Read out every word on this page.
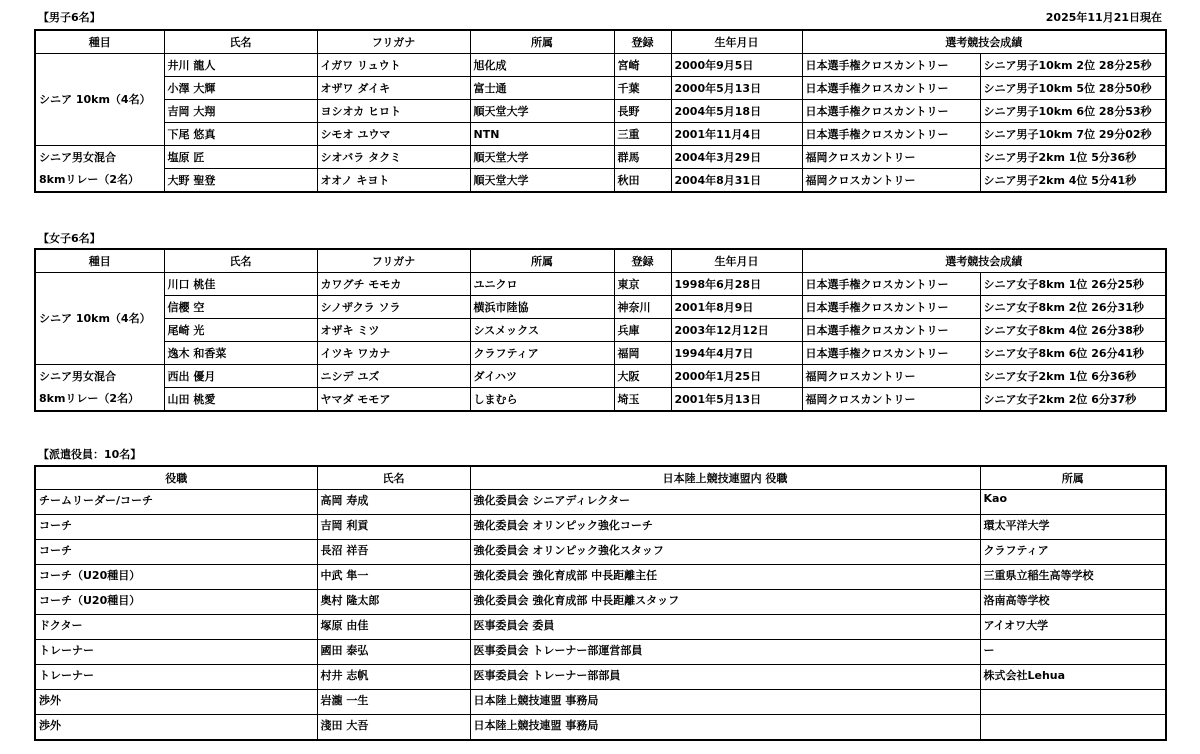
【男子6名】	2025年11月21日現在
種目	氏名	フリガナ	所属	登録	生年月日	選考競技会成績	

シニア 10km（4名）	井川 龍人	イガワ リュウト	旭化成	宮崎	2000年9月5日	日本選手権クロスカントリー	シニア男子10km 2位 28分25秒
	小澤 大輝	オザワ ダイキ	富士通	千葉	2000年5月13日	日本選手権クロスカントリー	シニア男子10km 5位 28分50秒
	吉岡 大翔	ヨシオカ ヒロト	順天堂大学	長野	2004年5月18日	日本選手権クロスカントリー	シニア男子10km 6位 28分53秒
	下尾 悠真	シモオ ユウマ	NTN	三重	2001年11月4日	日本選手権クロスカントリー	シニア男子10km 7位 29分02秒

シニア男女混合
8kmリレー（2名）	塩原 匠	シオバラ タクミ	順天堂大学	群馬	2004年3月29日	福岡クロスカントリー	シニア男子2km 1位 5分36秒
	大野 聖登	オオノ キヨト	順天堂大学	秋田	2004年8月31日	福岡クロスカントリー	シニア男子2km 4位 5分41秒
【女子6名】
種目	氏名	フリガナ	所属	登録	生年月日	選考競技会成績	

シニア 10km（4名）	川口 桃佳	カワグチ モモカ	ユニクロ	東京	1998年6月28日	日本選手権クロスカントリー	シニア女子8km 1位 26分25秒
	信櫻 空	シノザクラ ソラ	横浜市陸協	神奈川	2001年8月9日	日本選手権クロスカントリー	シニア女子8km 2位 26分31秒
	尾崎 光	オザキ ミツ	シスメックス	兵庫	2003年12月12日	日本選手権クロスカントリー	シニア女子8km 4位 26分38秒
	逸木 和香菜	イツキ ワカナ	クラフティア	福岡	1994年4月7日	日本選手権クロスカントリー	シニア女子8km 6位 26分41秒

シニア男女混合
8kmリレー（2名）	西出 優月	ニシデ ユズ	ダイハツ	大阪	2000年1月25日	福岡クロスカントリー	シニア女子2km 1位 6分36秒
	山田 桃愛	ヤマダ モモア	しまむら	埼玉	2001年5月13日	福岡クロスカントリー	シニア女子2km 2位 6分37秒
【派遣役員：10名】
役職	氏名	日本陸上競技連盟内 役職	所属
チームリーダー/コーチ	高岡 寿成	強化委員会 シニアディレクター	Kao
コーチ	吉岡 利貢	強化委員会 オリンピック強化コーチ	環太平洋大学
コーチ	長沼 祥吾	強化委員会 オリンピック強化スタッフ	クラフティア
コーチ（U20種目）	中武 隼一	強化委員会 強化育成部 中長距離主任	三重県立稲生高等学校
コーチ（U20種目）	奥村 隆太郎	強化委員会 強化育成部 中長距離スタッフ	洛南高等学校
ドクター	塚原 由佳	医事委員会 委員	アイオワ大学
トレーナー	國田 泰弘	医事委員会 トレーナー部運営部員	ー
トレーナー	村井 志帆	医事委員会 トレーナー部部員	株式会社Lehua
渉外	岩瀧 一生	日本陸上競技連盟 事務局	
渉外	淺田 大吾	日本陸上競技連盟 事務局	
